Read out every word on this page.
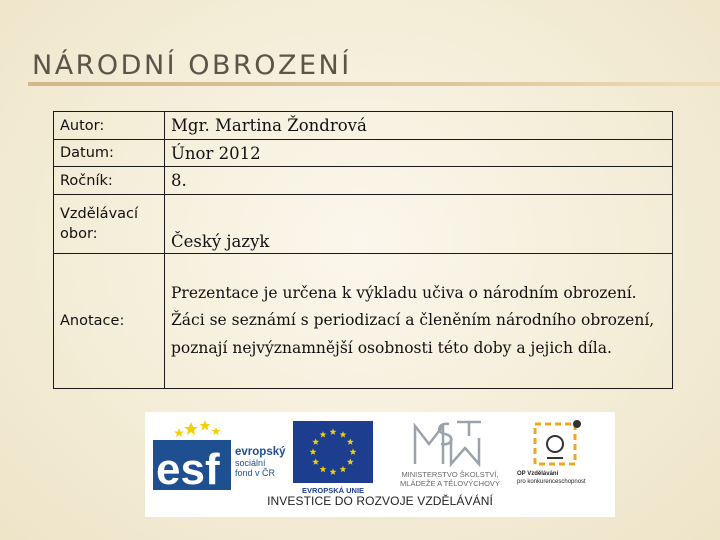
NÁRODNÍ OBROZENÍ
Autor:	Mgr. Martina Žondrová
Datum:	Únor 2012
Ročník:	8.
Vzdělávací obor:	Český jazyk
Anotace:	Prezentace je určena k výkladu učiva o národním obrození. Žáci se seznámí s periodizací a členěním národního obrození, poznají nejvýznamnější osobnosti této doby a jejich díla.
esf evropský
sociální
fond v ČR
EVROPSKÁ UNIE
MINISTERSTVO ŠKOLSTVÍ,
MLÁDEŽE A TĚLOVÝCHOVY
OP Vzdělávání
pro konkurenceschopnost
INVESTICE DO ROZVOJE VZDĚLÁVÁNÍ
